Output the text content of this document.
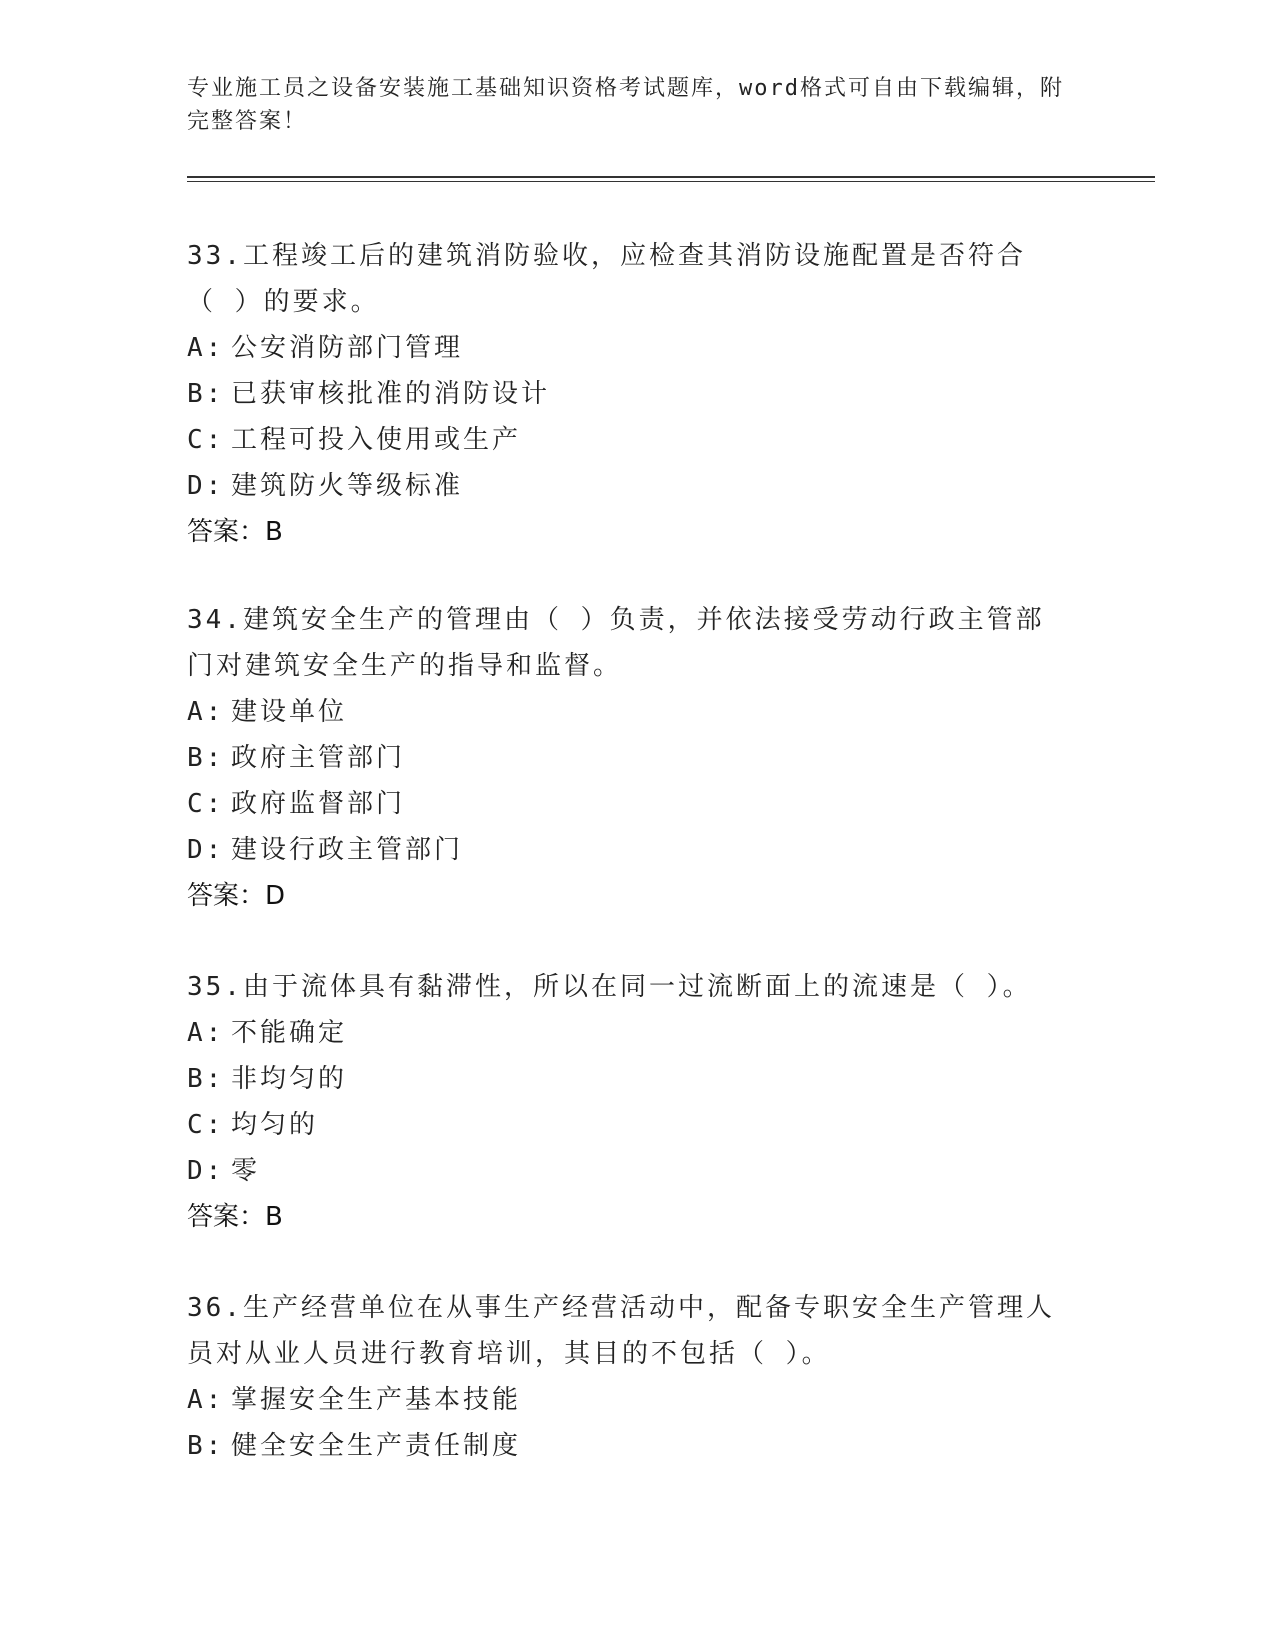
专业施工员之设备安装施工基础知识资格考试题库，word格式可自由下载编辑，附完整答案！

33.工程竣工后的建筑消防验收，应检查其消防设施配置是否符合（ ）的要求。

A: 公安消防部门管理

B: 已获审核批准的消防设计

C: 工程可投入使用或生产

D: 建筑防火等级标准

答案：B

34.建筑安全生产的管理由（ ）负责，并依法接受劳动行政主管部门对建筑安全生产的指导和监督。

A: 建设单位

B: 政府主管部门

C: 政府监督部门

D: 建设行政主管部门

答案：D

35.由于流体具有黏滞性，所以在同一过流断面上的流速是（ ）。

A: 不能确定

B: 非均匀的

C: 均匀的

D: 零

答案：B

36.生产经营单位在从事生产经营活动中，配备专职安全生产管理人员对从业人员进行教育培训，其目的不包括（ ）。

A: 掌握安全生产基本技能

B: 健全安全生产责任制度
